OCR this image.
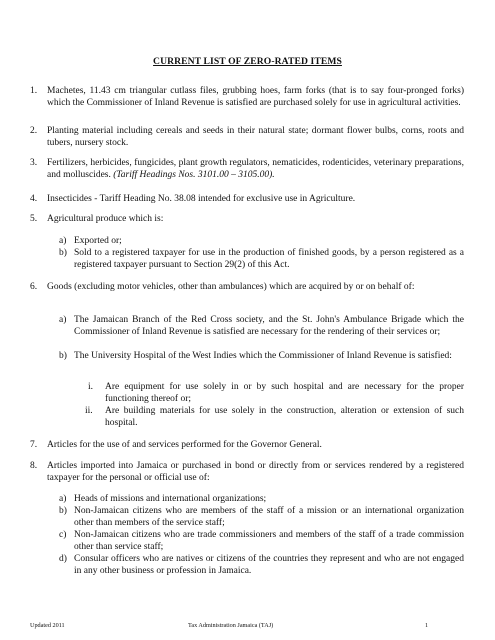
CURRENT LIST OF ZERO-RATED ITEMS
1. Machetes, 11.43 cm triangular cutlass files, grubbing hoes, farm forks (that is to say four-pronged forks) which the Commissioner of Inland Revenue is satisfied are purchased solely for use in agricultural activities.
2. Planting material including cereals and seeds in their natural state; dormant flower bulbs, corns, roots and tubers, nursery stock.
3. Fertilizers, herbicides, fungicides, plant growth regulators, nematicides, rodenticides, veterinary preparations, and molluscides. (Tariff Headings Nos. 3101.00 – 3105.00).
4. Insecticides - Tariff Heading No. 38.08 intended for exclusive use in Agriculture.
5. Agricultural produce which is:
a) Exported or;
b) Sold to a registered taxpayer for use in the production of finished goods, by a person registered as a registered taxpayer pursuant to Section 29(2) of this Act.
6. Goods (excluding motor vehicles, other than ambulances) which are acquired by or on behalf of:
a) The Jamaican Branch of the Red Cross society, and the St. John's Ambulance Brigade which the Commissioner of Inland Revenue is satisfied are necessary for the rendering of their services or;
b) The University Hospital of the West Indies which the Commissioner of Inland Revenue is satisfied:
i. Are equipment for use solely in or by such hospital and are necessary for the proper functioning thereof or;
ii. Are building materials for use solely in the construction, alteration or extension of such hospital.
7. Articles for the use of and services performed for the Governor General.
8. Articles imported into Jamaica or purchased in bond or directly from or services rendered by a registered taxpayer for the personal or official use of:
a) Heads of missions and international organizations;
b) Non-Jamaican citizens who are members of the staff of a mission or an international organization other than members of the service staff;
c) Non-Jamaican citizens who are trade commissioners and members of the staff of a trade commission other than service staff;
d) Consular officers who are natives or citizens of the countries they represent and who are not engaged in any other business or profession in Jamaica.
Updated 2011	Tax Administration Jamaica (TAJ)	1
